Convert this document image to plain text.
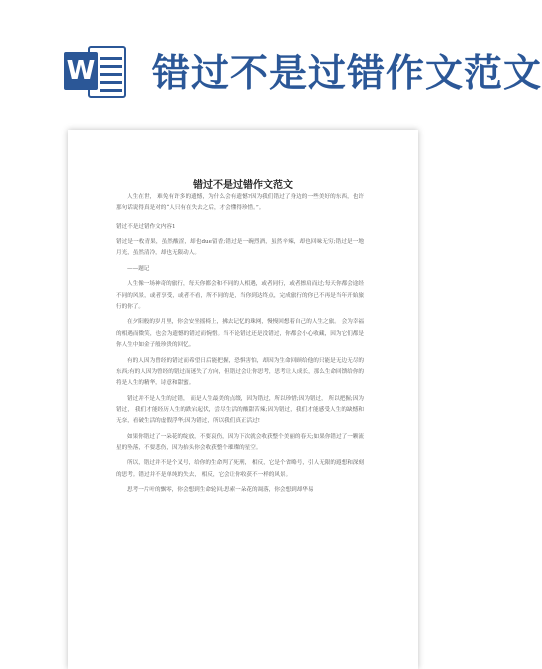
W 错过不是过错作文范文
错过不是过错作文范文

人生在世， 难免有许多的遗憾，为什么会有遗憾?因为我们错过了身边的一些美好的东西，也许那句话说得真是对的“人只有在失去之后，才会懂得珍惜。”。

错过不是过错作文内容1

错过是一枚青果，虽然酸涩，却也due留香;错过是一碗烈酒，虽然辛辣，却也回味无穷;错过是一地月光，虽然清冷，却也无限动人。

——题记

人生像一场神奇的旅行，每天你都会和不同的人相遇，或者同行，或者擦肩而过;每天你都会途经不同的风景，或者享受，或者不看，所不同的是，当你到达终点，完成旅行的你已不再是当年开始旅行的你了。

在夕阳般的岁月里，你会安坐摇椅上，拂去记忆的珠网，慢慢回想着自己的人生之旅。 会为幸福的相遇而微笑，也会为遗憾的错过而惋惜。当不论错过还是没错过，你都会小心收藏，因为它们都是你人生中如金子般珍贵的回忆。

有的人因为曾经的错过而希望日后能把握，恐惧害怕，却因为生命回顾给他的只能是无边无尽的东西;有的人因为曾经的错过而迷失了方向，但错过会让你思考，思考让人成长，那么生命回馈给你的将是人生的精华，诗意和甜蜜。

错过并不是人生的过错， 而是人生最美的点缀，因为错过，所以珍惜;因为错过， 所以把握;因为错过， 我们才能经历人生的跌宕起伏，尝尽生活的酸甜苦辣;因为错过，我们才能感受人生的缺憾和无奈，看破生活的虚假浮华;因为错过，所以我们真正活过!

如果你错过了一朵花的绽放，不要哀伤，因为下次就会收获整个美丽的春天;如果你错过了一颗流星的坠落，不要悲伤，因为抬头你会收获整个璀璨的星空。

所以，错过并不是个叉号，给你的生命判了死刑， 相反，它是个省略号，引人无限的遐想和深刻的思考。错过并不是单纯的失去， 相反，它会让你收获不一样的风景。

思考一片叶的飘零，你会想到生命轮回;思索一朵花的凋落，你会想到却华易
